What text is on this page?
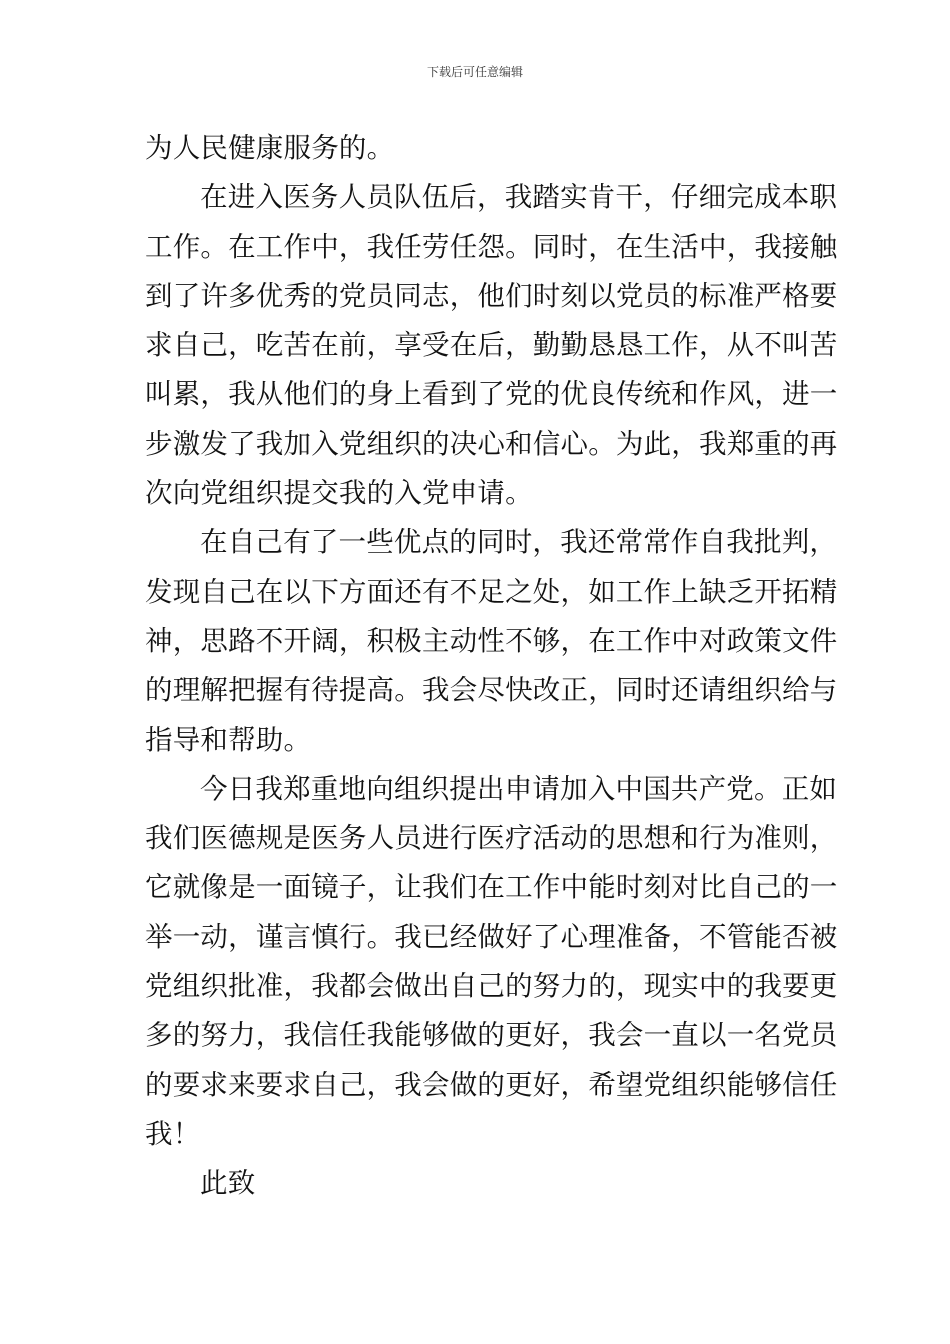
下载后可任意编辑
为人民健康服务的。
在进入医务人员队伍后，我踏实肯干，仔细完成本职
工作。在工作中，我任劳任怨。同时，在生活中，我接触
到了许多优秀的党员同志，他们时刻以党员的标准严格要
求自己，吃苦在前，享受在后，勤勤恳恳工作，从不叫苦
叫累，我从他们的身上看到了党的优良传统和作风，进一
步激发了我加入党组织的决心和信心。为此，我郑重的再
次向党组织提交我的入党申请。
在自己有了一些优点的同时，我还常常作自我批判，
发现自己在以下方面还有不足之处，如工作上缺乏开拓精
神，思路不开阔，积极主动性不够，在工作中对政策文件
的理解把握有待提高。我会尽快改正，同时还请组织给与
指导和帮助。
今日我郑重地向组织提出申请加入中国共产党。正如
我们医德规是医务人员进行医疗活动的思想和行为准则，
它就像是一面镜子，让我们在工作中能时刻对比自己的一
举一动，谨言慎行。我已经做好了心理准备，不管能否被
党组织批准，我都会做出自己的努力的，现实中的我要更
多的努力，我信任我能够做的更好，我会一直以一名党员
的要求来要求自己，我会做的更好，希望党组织能够信任
我！
此致
